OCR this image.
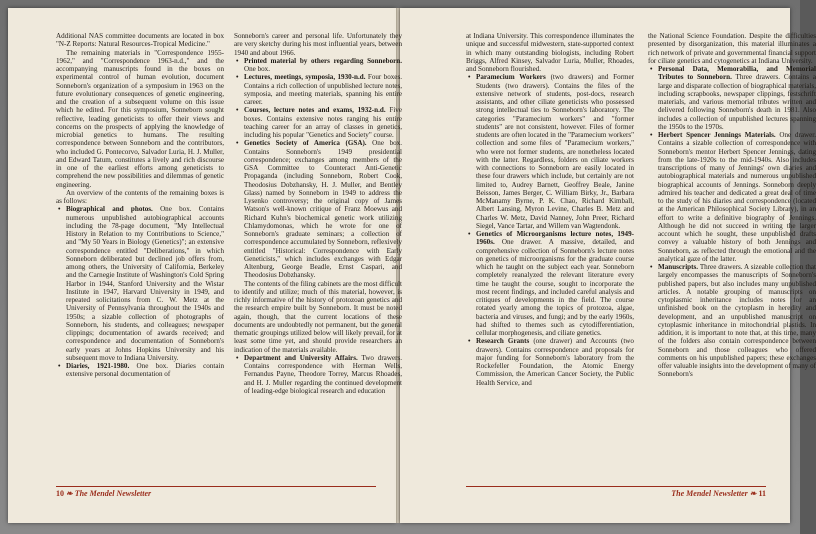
Additional NAS committee documents are located in box "N-Z Reports: Natural Resources-Tropical Medicine."

The remaining materials in "Correspondence 1955-1962," and "Correspondence 1963-n.d.," and the accompanying manuscripts found in the boxes on experimental control of human evolution, document Sonneborn's organization of a symposium in 1963 on the future evolutionary consequences of genetic engineering, and the creation of a subsequent volume on this issue which he edited. For this symposium, Sonneborn sought reflective, leading geneticists to offer their views and concerns on the prospects of applying the knowledge of microbial genetics to humans. The resulting correspondence between Sonneborn and the contributors, who included G. Pontecorvo, Salvador Luria, H. J. Muller, and Edward Tatum, constitutes a lively and rich discourse in one of the earliest efforts among geneticists to comprehend the new possibilities and dilemmas of genetic engineering.

An overview of the contents of the remaining boxes is as follows:

• Biographical and photos. One box. Contains numerous unpublished autobiographical accounts including the 78-page document, "My Intellectual History in Relation to my Contributions to Science," and "My 50 Years in Biology (Genetics)"; an extensive correspondence entitled "Deliberations," in which Sonneborn deliberated but declined job offers from, among others, the University of California, Berkeley and the Carnegie Institute of Washington's Cold Spring Harbor in 1944, Stanford University and the Wistar Institute in 1947, Harvard University in 1949, and repeated solicitations from C. W. Metz at the University of Pennsylvania throughout the 1940s and 1950s; a sizable collection of photographs of Sonneborn, his students, and colleagues; newspaper clippings; documentation of awards received; and correspondence and documentation of Sonneborn's early years at Johns Hopkins University and his subsequent move to Indiana University.
• Diaries, 1921-1980. One box. Diaries contain extensive personal documentation of

Sonneborn's career and personal life. Unfortunately they are very sketchy during his most influential years, between 1940 and about 1966.

• Printed material by others regarding Sonneborn. One box.
• Lectures, meetings, symposia, 1930-n.d. Four boxes. Contains a rich collection of unpublished lecture notes, symposia, and meeting materials, spanning his entire career.
• Courses, lecture notes and exams, 1932-n.d. Five boxes. Contains extensive notes ranging his entire teaching career for an array of classes in genetics, including his popular "Genetics and Society" course.
• Genetics Society of America (GSA). One box. Contains Sonneborn's 1949 presidential correspondence; exchanges among members of the GSA Committee to Counteract Anti-Genetic Propaganda (including Sonneborn, Robert Cook, Theodosius Dobzhansky, H. J. Muller, and Bentley Glass) named by Sonneborn in 1949 to address the Lysenko controversy; the original copy of James Watson's well-known critique of Franz Moewus and Richard Kuhn's biochemical genetic work utilizing Chlamydomonas, which he wrote for one of Sonneborn's graduate seminars; a collection of correspondence accumulated by Sonneborn, reflexively entitled "Historical: Correspondence with Early Geneticists," which includes exchanges with Edgar Altenburg, George Beadle, Ernst Caspari, and Theodosius Dobzhansky.

The contents of the filing cabinets are the most difficult to identify and utilize; much of this material, however, is richly informative of the history of protozoan genetics and the research empire built by Sonneborn. It must be noted again, though, that the current locations of these documents are undoubtedly not permanent, but the general thematic groupings utilized below will likely prevail, for at least some time yet, and should provide researchers an indication of the materials available.

• Department and University Affairs. Two drawers. Contains correspondence with Herman Wells, Fernandus Payne, Theodore Torrey, Marcus Rhoades, and H. J. Muller regarding the continued development of leading-edge biological research and education

at Indiana University. This correspondence illuminates the unique and successful midwestern, state-supported context in which many outstanding biologists, including Robert Briggs, Alfred Kinsey, Salvador Luria, Muller, Rhoades, and Sonneborn flourished.

• Paramecium Workers (two drawers) and Former Students (two drawers). Contains the files of the extensive network of students, post-docs, research assistants, and other ciliate geneticists who possessed strong intellectual ties to Sonneborn's laboratory. The categories "Paramecium workers" and "former students" are not consistent, however. Files of former students are often located in the "Paramecium workers" collection and some files of "Paramecium workers," who were not former students, are nonetheless located with the latter. Regardless, folders on ciliate workers with connections to Sonneborn are easily located in these four drawers which include, but certainly are not limited to, Audrey Barnett, Geoffrey Beale, Janine Beisson, James Berger, C. William Birky, Jr., Barbara McManamy Byrne, P. K. Chao, Richard Kimball, Albert Lansing, Myron Levine, Charles B. Metz and Charles W. Metz, David Nanney, John Preer, Richard Siegel, Vance Tartar, and Willem van Wagtendonk.
• Genetics of Microorganisms lecture notes, 1949-1960s. One drawer. A massive, detailed, and comprehensive collection of Sonneborn's lecture notes on genetics of microorganisms for the graduate course which he taught on the subject each year. Sonneborn completely reanalyzed the relevant literature every time he taught the course, sought to incorporate the most recent findings, and included careful analysis and critiques of developments in the field. The course rotated yearly among the topics of protozoa, algae, bacteria and viruses, and fungi; and by the early 1960s, had shifted to themes such as cytodifferentiation, cellular morphogenesis, and ciliate genetics.
• Research Grants (one drawer) and Accounts (two drawers). Contains correspondence and proposals for major funding for Sonneborn's laboratory from the Rockefeller Foundation, the Atomic Energy Commission, the American Cancer Society, the Public Health Service, and

the National Science Foundation. Despite the difficulties presented by disorganization, this material illuminates a rich network of private and governmental financial support for ciliate genetics and cytogenetics at Indiana University.

• Personal Data, Memorabilia, and Memorial Tributes to Sonneborn. Three drawers. Contains a large and disparate collection of biographical materials, including scrapbooks, newspaper clippings, festschrift materials, and various memorial tributes written and delivered following Sonneborn's death in 1981. Also includes a collection of unpublished lectures spanning the 1950s to the 1970s.
• Herbert Spencer Jennings Materials. One drawer. Contains a sizable collection of correspondence with Sonneborn's mentor Herbert Spencer Jennings, dating from the late-1920s to the mid-1940s. Also includes transcriptions of many of Jennings' own diaries and autobiographical materials and numerous unpublished biographical accounts of Jennings. Sonneborn deeply admired his teacher and dedicated a great deal of time to the study of his diaries and correspondence (located at the American Philosophical Society Library), in an effort to write a definitive biography of Jennings. Although he did not succeed in writing the larger account which he sought, these unpublished drafts convey a valuable history of both Jennings and Sonneborn, as reflected through the emotional and the analytical gaze of the latter.
• Manuscripts. Three drawers. A sizeable collection that largely encompasses the manuscripts of Sonneborn's published papers, but also includes many unpublished articles. A notable grouping of manuscripts on cytoplasmic inheritance includes notes for an unfinished book on the cytoplasm in heredity and development, and an unpublished manuscript on cytoplasmic inheritance in mitochondrial plastids. In addition, it is important to note that, at this time, many of the folders also contain correspondence between Sonneborn and those colleagues who offered comments on his unpublished papers; these exchanges offer valuable insights into the development of many of Sonneborn's
10 ❧ The Mendel Newsletter	The Mendel Newsletter ❧ 11
